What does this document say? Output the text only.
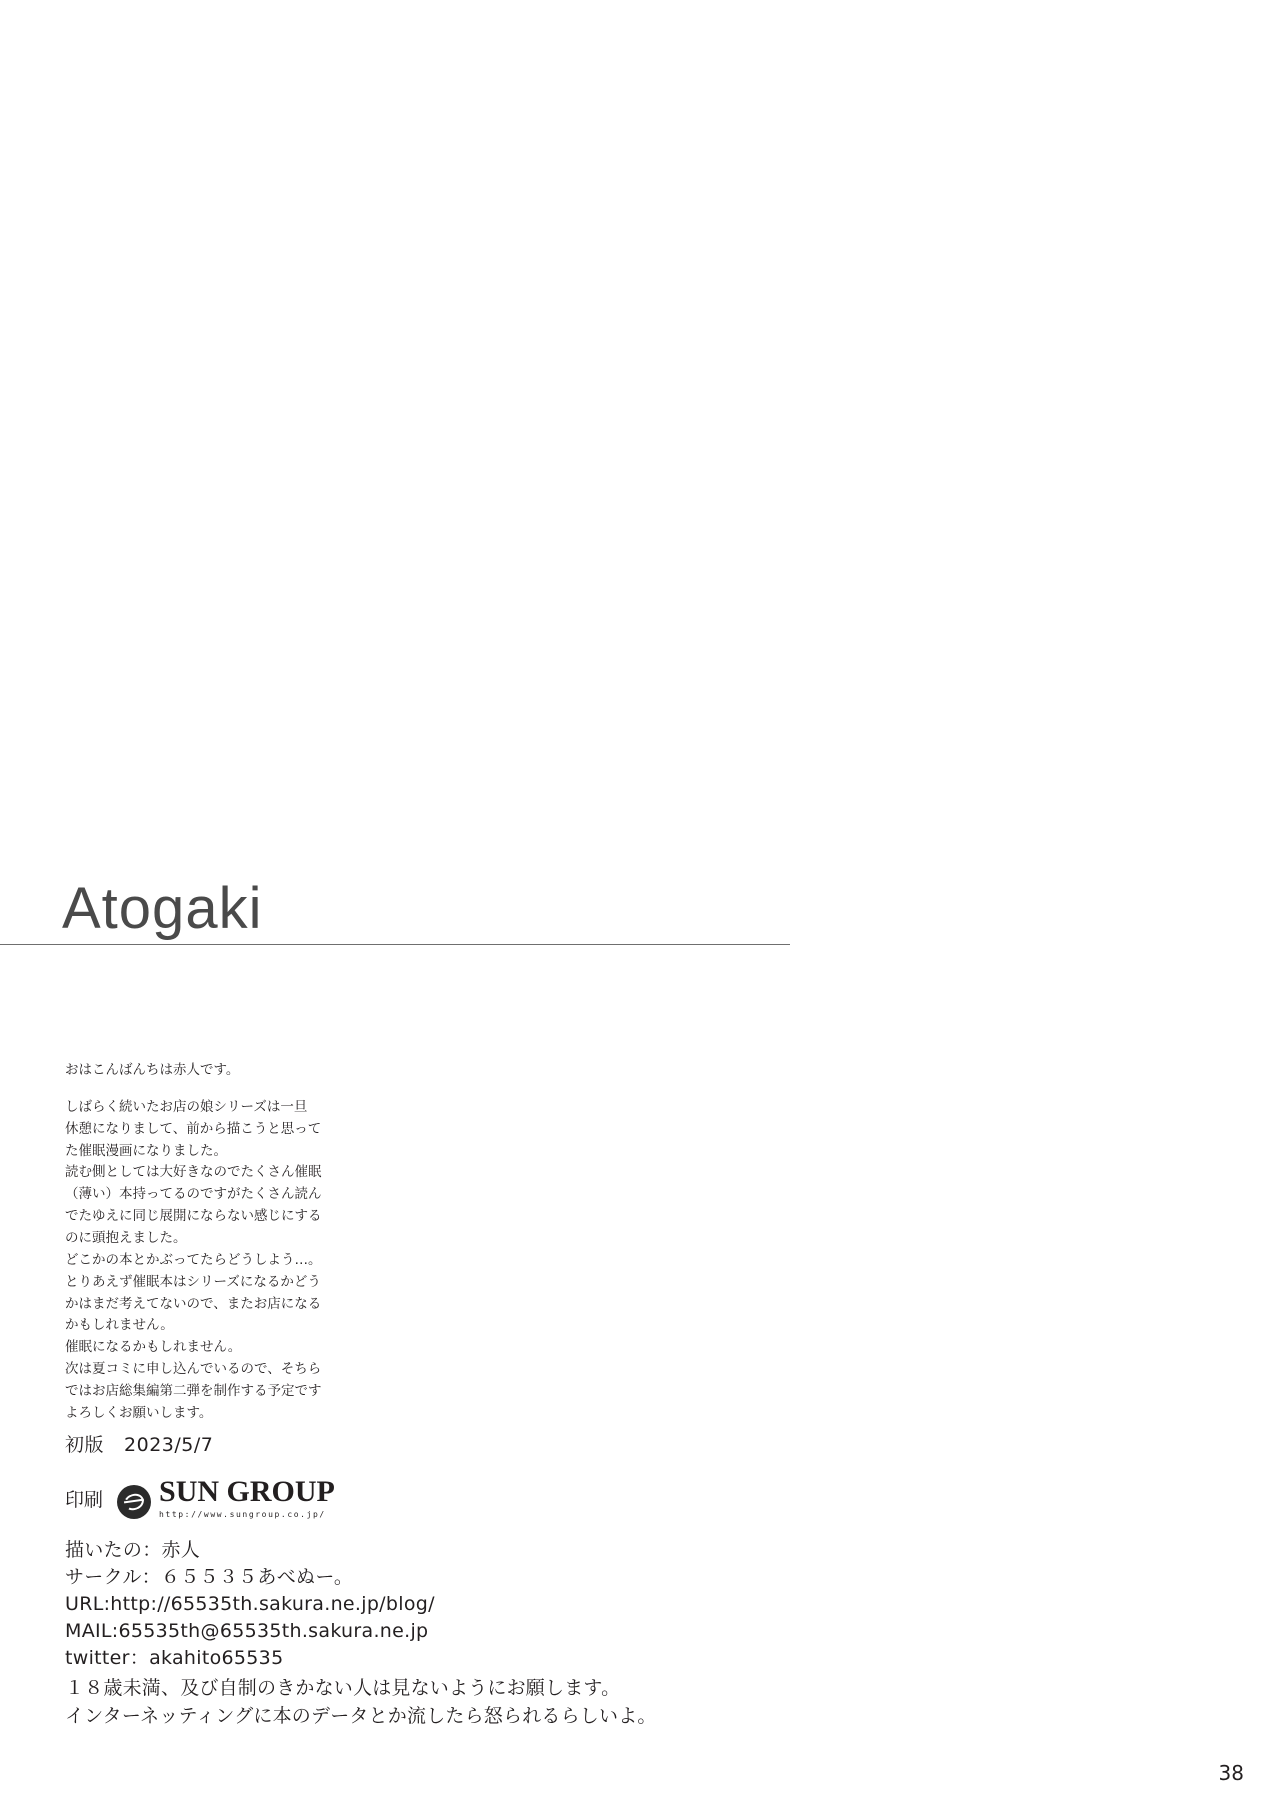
Atogaki

おはこんばんちは赤人です。

しばらく続いたお店の娘シリーズは一旦

休憩になりまして、前から描こうと思って

た催眠漫画になりました。

読む側としては大好きなのでたくさん催眠

（薄い）本持ってるのですがたくさん読ん

でたゆえに同じ展開にならない感じにする

のに頭抱えました。

どこかの本とかぶってたらどうしよう…。

とりあえず催眠本はシリーズになるかどう

かはまだ考えてないので、またお店になる

かもしれません。

催眠になるかもしれません。

次は夏コミに申し込んでいるので、そちら

ではお店総集編第二弾を制作する予定です

よろしくお願いします。

初版 2023/5/7
印刷 SUN GROUP
http://www.sungroup.co.jp/
描いたの：赤人
サークル：６５５３５あべぬー。
URL:http://65535th.sakura.ne.jp/blog/
MAIL:65535th@65535th.sakura.ne.jp
twitter：akahito65535
１８歳未満、及び自制のきかない人は見ないようにお願します。
インターネッティングに本のデータとか流したら怒られるらしいよ。
38
